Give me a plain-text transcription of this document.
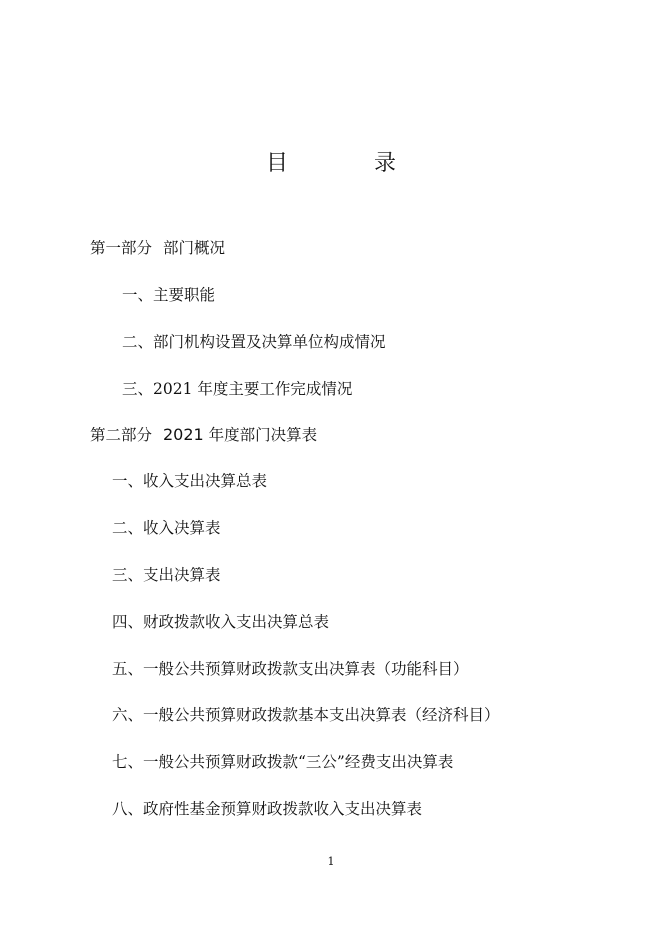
目	录
第一部分 部门概况
一、主要职能
二、部门机构设置及决算单位构成情况
三、2021 年度主要工作完成情况
第二部分 2021 年度部门决算表
一、收入支出决算总表
二、收入决算表
三、支出决算表
四、财政拨款收入支出决算总表
五、一般公共预算财政拨款支出决算表（功能科目）
六、一般公共预算财政拨款基本支出决算表（经济科目）
七、一般公共预算财政拨款“三公”经费支出决算表
八、政府性基金预算财政拨款收入支出决算表
1
